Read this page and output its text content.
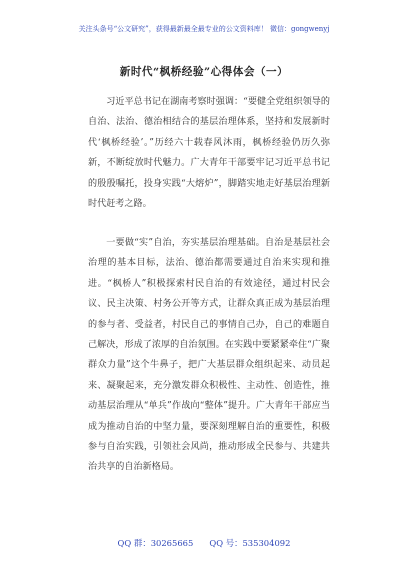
关注头条号“公文研究”，获得最新最全最专业的公文资料库！ 微信：gongwenyj
新时代“枫桥经验”心得体会（一）

习近平总书记在湖南考察时强调：“要健全党组织领导的自治、法治、德治相结合的基层治理体系，坚持和发展新时代‘枫桥经验’。”历经六十载春风沐雨，枫桥经验仍历久弥新，不断绽放时代魅力。广大青年干部要牢记习近平总书记的殷殷嘱托，投身实践“大熔炉”，脚踏实地走好基层治理新时代赶考之路。

一要做“实”自治，夯实基层治理基础。自治是基层社会治理的基本目标，法治、德治都需要通过自治来实现和推进。“枫桥人”积极探索村民自治的有效途径，通过村民会议、民主决策、村务公开等方式，让群众真正成为基层治理的参与者、受益者，村民自己的事情自己办，自己的难题自己解决，形成了浓厚的自治氛围。在实践中要紧紧牵住“广聚群众力量”这个牛鼻子，把广大基层群众组织起来、动员起来、凝聚起来，充分激发群众积极性、主动性、创造性，推动基层治理从“单兵”作战向“整体”提升。广大青年干部应当成为推动自治的中坚力量，要深刻理解自治的重要性，积极参与自治实践，引领社会风尚，推动形成全民参与、共建共治共享的自治新格局。

QQ 群：30265665 QQ 号：535304092
